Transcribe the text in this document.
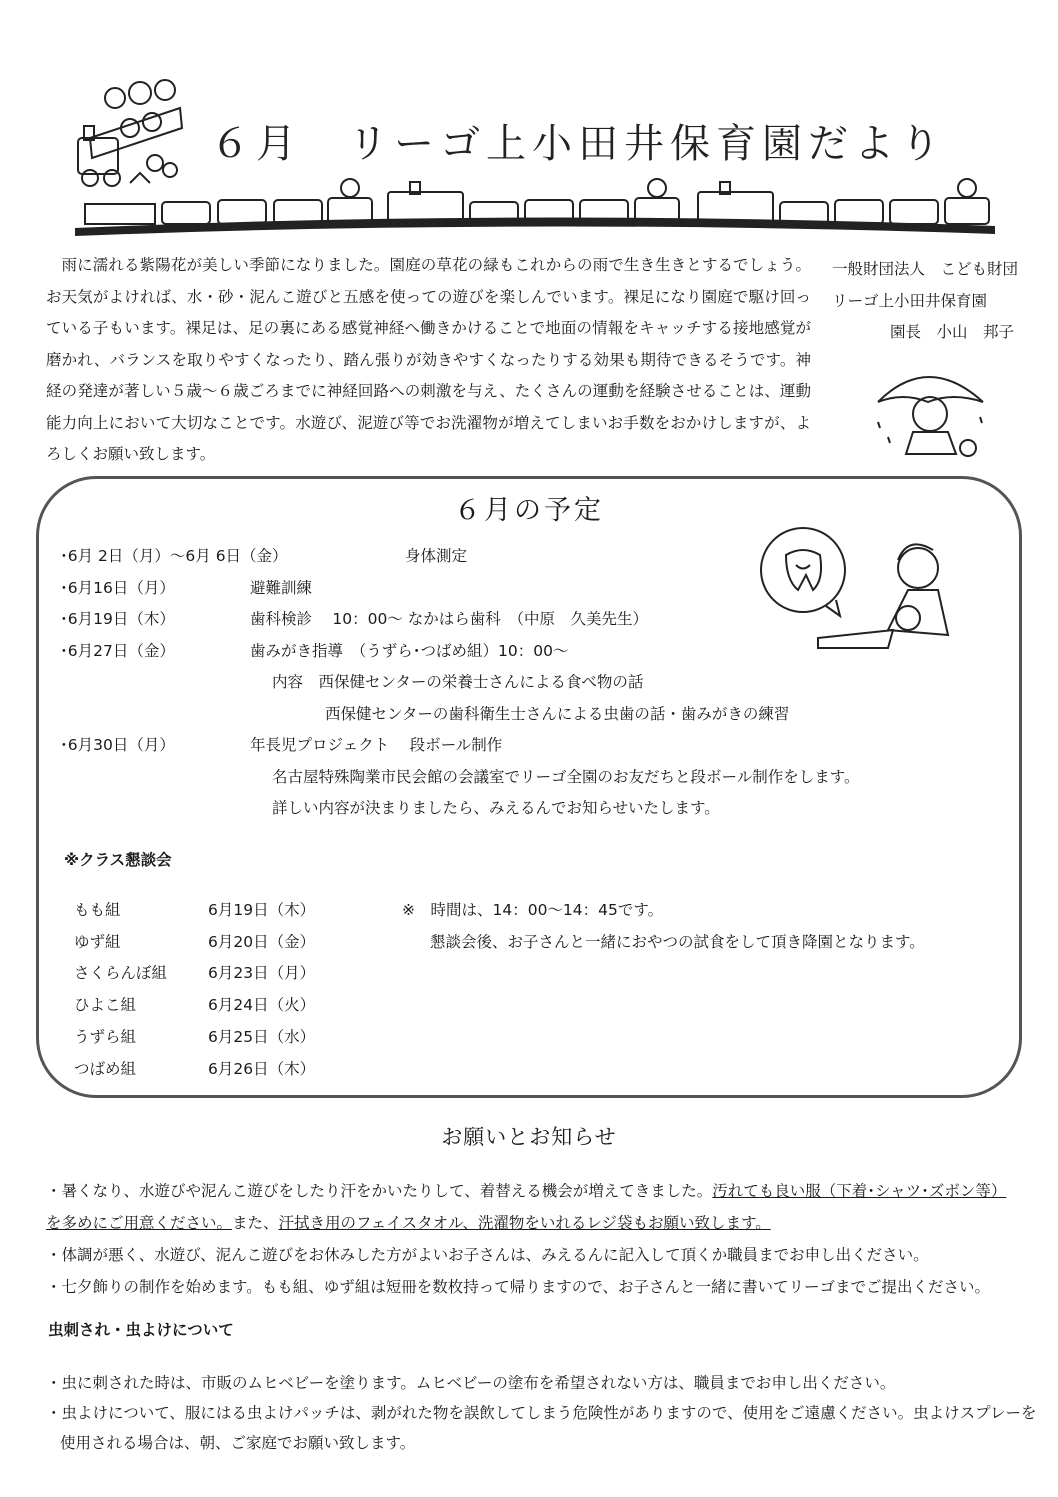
６月　リーゴ上小田井保育園だより
雨に濡れる紫陽花が美しい季節になりました。園庭の草花の緑もこれからの雨で生き生きとするでしょう。お天気がよければ、水・砂・泥んこ遊びと五感を使っての遊びを楽しんでいます。裸足になり園庭で駆け回っている子もいます。裸足は、足の裏にある感覚神経へ働きかけることで地面の情報をキャッチする接地感覚が磨かれ、バランスを取りやすくなったり、踏ん張りが効きやすくなったりする効果も期待できるそうです。神経の発達が著しい５歳～６歳ごろまでに神経回路への刺激を与え、たくさんの運動を経験させることは、運動能力向上において大切なことです。水遊び、泥遊び等でお洗濯物が増えてしまいお手数をおかけしますが、よろしくお願い致します。
一般財団法人　こども財団
リーゴ上小田井保育園
園長　小山　邦子
６月の予定
･6月 2日（月）～6月 6日（金）	身体測定
･6月16日（月）	避難訓練
･6月19日（木）	歯科検診　 10：00～ なかはら歯科　（中原　久美先生）
･6月27日（金）	歯みがき指導　（うずら･つばめ組）10：00～
内容　西保健センターの栄養士さんによる食べ物の話
西保健センターの歯科衛生士さんによる虫歯の話・歯みがきの練習
･6月30日（月）	年長児プロジェクト　 段ボール制作
名古屋特殊陶業市民会館の会議室でリーゴ全園のお友だちと段ボール制作をします。
詳しい内容が決まりましたら、みえるんでお知らせいたします。
※クラス懇談会
もも組	6月19日（木）
ゆず組	6月20日（金）
さくらんぼ組	6月23日（月）
ひよこ組	6月24日（火）
うずら組	6月25日（水）
つばめ組	6月26日（木）
※　時間は、14：00～14：45です。
懇談会後、お子さんと一緒におやつの試食をして頂き降園となります。
お願いとお知らせ
・暑くなり、水遊びや泥んこ遊びをしたり汗をかいたりして、着替える機会が増えてきました。汚れても良い服（下着･シャツ･ズボン等）
を多めにご用意ください。また、汗拭き用のフェイスタオル、洗濯物をいれるレジ袋もお願い致します。
・体調が悪く、水遊び、泥んこ遊びをお休みした方がよいお子さんは、みえるんに記入して頂くか職員までお申し出ください。
・七夕飾りの制作を始めます。もも組、ゆず組は短冊を数枚持って帰りますので、お子さんと一緒に書いてリーゴまでご提出ください。
虫刺され・虫よけについて
・虫に刺された時は、市販のムヒベビーを塗ります。ムヒベビーの塗布を希望されない方は、職員までお申し出ください。
・虫よけについて、服にはる虫よけパッチは、剥がれた物を誤飲してしまう危険性がありますので、使用をご遠慮ください。虫よけスプレーを
使用される場合は、朝、ご家庭でお願い致します。
